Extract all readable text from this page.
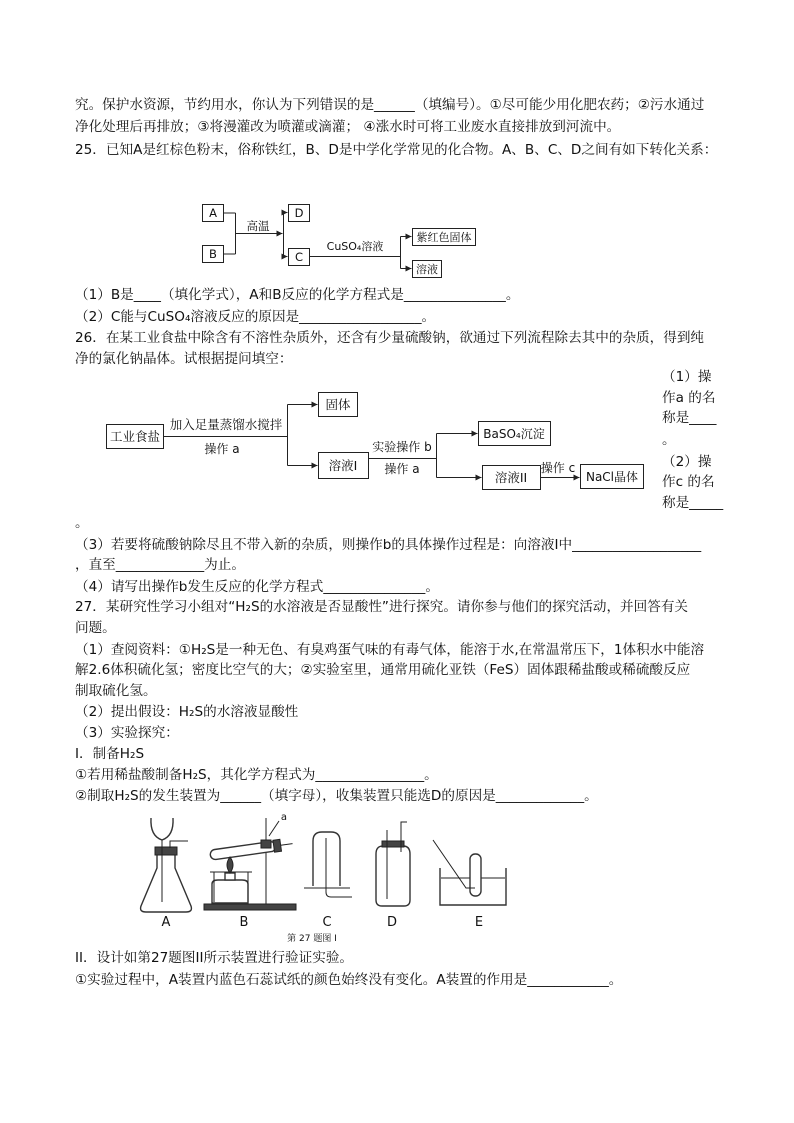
究。保护水资源，节约用水，你认为下列错误的是______（填编号）。①尽可能少用化肥农药；②污水通过
净化处理后再排放；③将漫灌改为喷灌或滴灌； ④涨水时可将工业废水直接排放到河流中。
25．已知A是红棕色粉末，俗称铁红，B、D是中学化学常见的化合物。A、B、C、D之间有如下转化关系：
A
B
高温
D
C
CuSO₄溶液
紫红色固体
溶液
（1）B是____（填化学式），A和B反应的化学方程式是_______________。
（2）C能与CuSO₄溶液反应的原因是__________________。
26．在某工业食盐中除含有不溶性杂质外，还含有少量硫酸钠，欲通过下列流程除去其中的杂质，得到纯
净的氯化钠晶体。试根据提问填空：
工业食盐
加入足量蒸馏水搅拌
操作 a
固体
溶液I
实验操作 b
操作 a
BaSO₄沉淀
溶液II
操作 c
NaCl晶体
（1）操
作a 的名
称是____
。
（2）操
作c 的名
称是_____
。
（3）若要将硫酸钠除尽且不带入新的杂质，则操作b的具体操作过程是：向溶液I中___________________
，直至_____________为止。
（4）请写出操作b发生反应的化学方程式_______________。
27．某研究性学习小组对“H₂S的水溶液是否显酸性”进行探究。请你参与他们的探究活动，并回答有关
问题。
（1）查阅资料：①H₂S是一种无色、有臭鸡蛋气味的有毒气体，能溶于水,在常温常压下，1体积水中能溶
解2.6体积硫化氢；密度比空气的大；②实验室里，通常用硫化亚铁（FeS）固体跟稀盐酸或稀硫酸反应
制取硫化氢。
（2）提出假设：H₂S的水溶液显酸性
（3）实验探究：
I．制备H₂S
①若用稀盐酸制备H₂S，其化学方程式为________________。
②制取H₂S的发生装置为______（填字母），收集装置只能选D的原因是_____________。
A	B	C	D	E
a
第 27 题图 I
II．设计如第27题图II所示装置进行验证实验。
①实验过程中，A装置内蓝色石蕊试纸的颜色始终没有变化。A装置的作用是____________。
